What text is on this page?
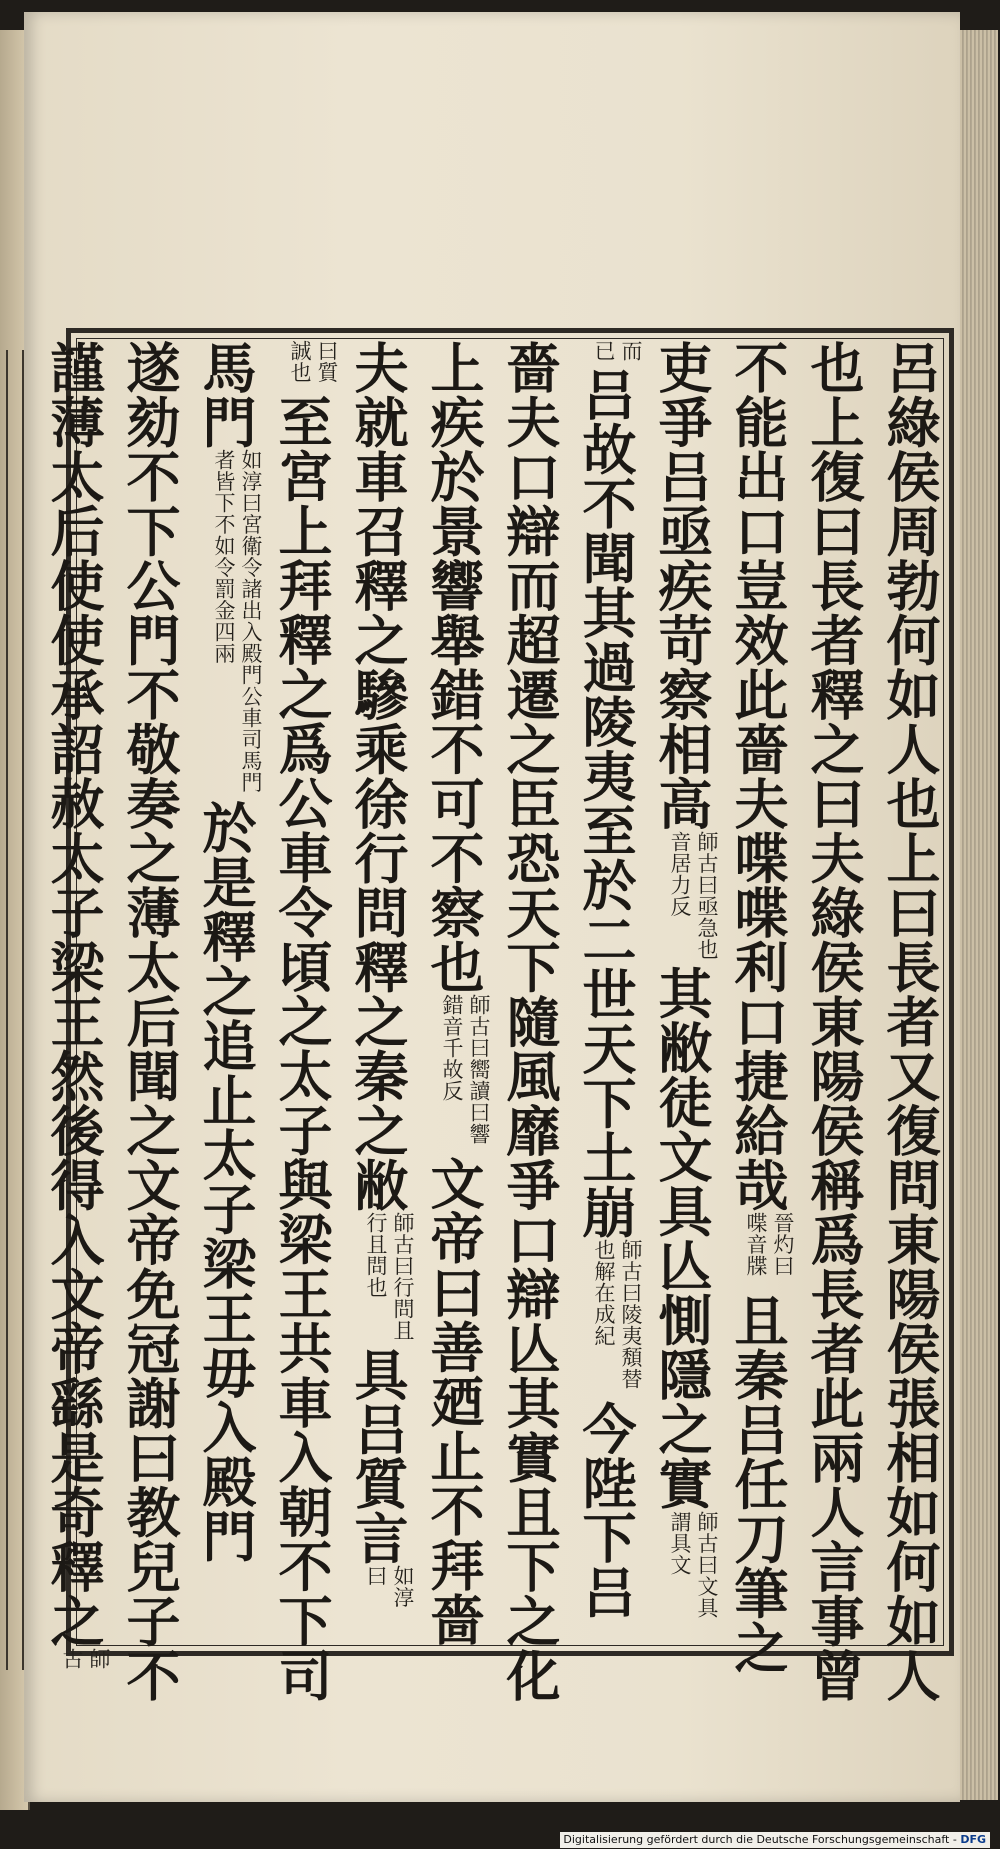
呂綠侯周勃何如人也上曰長者又復問東陽侯張相如何如人
也上復曰長者釋之曰夫綠侯東陽侯稱爲長者此兩人言事曾
不能出口豈效此嗇夫喋喋利口捷給哉晉灼曰喋音牒且秦吕任刀筆之
吏爭吕亟疾苛察相高師古曰亟急也音居力反其敝徒文具亾惻隱之實師古曰文具謂具文
而已吕故不聞其過陵夷至於二世天下土崩師古曰陵夷頽替也解在成紀今陛下吕
嗇夫口辯而超遷之臣恐天下隨風靡爭口辯亾其實且下之化
上疾於景響舉錯不可不察也師古曰嚮讀曰響錯音千故反文帝曰善廼止不拜嗇
夫就車召釋之驂乘徐行問釋之秦之敝師古曰行問且行且問也具吕質言如淳曰
曰質誠也至宮上拜釋之爲公車令頃之太子與梁王共車入朝不下司
馬門如淳曰宮衛令諸出入殿門公車司馬門者皆下不如令罰金四兩於是釋之追止太子梁王毋入殿門
遂劾不下公門不敬奏之薄太后聞之文帝免冠謝曰教兒子不
謹薄太后使使承詔赦太子梁王然後得入文帝繇是奇釋之師古
Digitalisierung gefördert durch die Deutsche Forschungsgemeinschaft - DFG
